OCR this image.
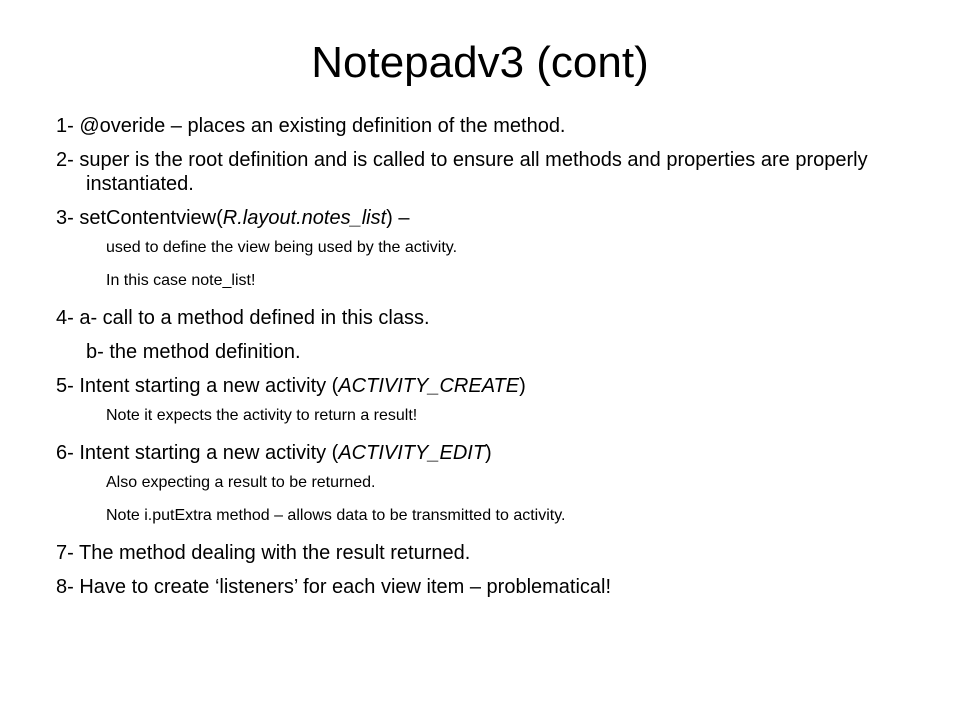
Notepadv3 (cont)

1- @overide – places an existing definition of the method.

2- super is the root definition and is called to ensure all methods and properties are properly instantiated.

3- setContentview(R.layout.notes_list) –

used to define the view being used by the activity.

In this case note_list!

4- a- call to a method defined in this class.

b- the method definition.

5- Intent starting a new activity (ACTIVITY_CREATE)

Note it expects the activity to return a result!

6- Intent starting a new activity (ACTIVITY_EDIT)

Also expecting a result to be returned.

Note i.putExtra method – allows data to be transmitted to activity.

7- The method dealing with the result returned.

8- Have to create ‘listeners’ for each view item – problematical!
